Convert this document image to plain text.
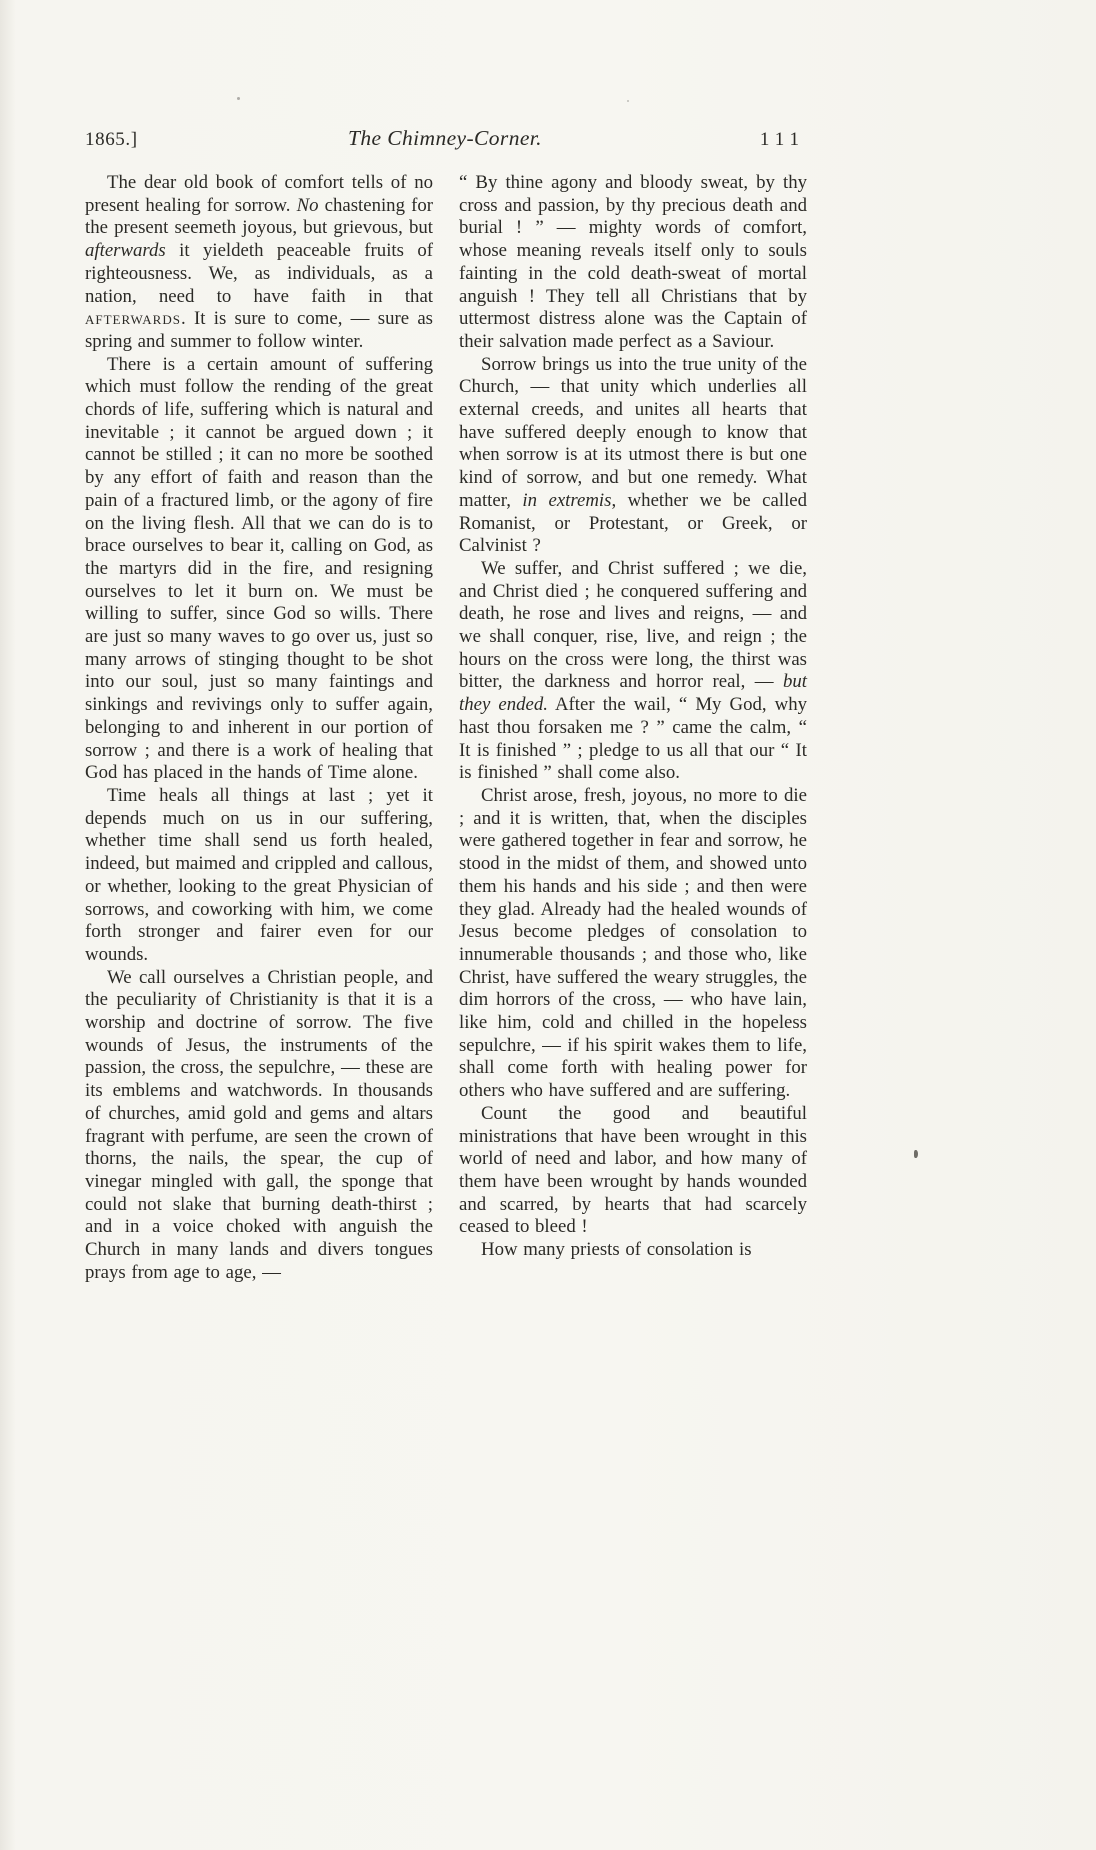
1865.]	The Chimney-Corner.	111

The dear old book of comfort tells of no present healing for sorrow. No chastening for the present seemeth joyous, but grievous, but afterwards it yieldeth peaceable fruits of righteousness. We, as individuals, as a nation, need to have faith in that afterwards. It is sure to come, — sure as spring and summer to follow winter.

There is a certain amount of suffering which must follow the rending of the great chords of life, suffering which is natural and inevitable ; it cannot be argued down ; it cannot be stilled ; it can no more be soothed by any effort of faith and reason than the pain of a fractured limb, or the agony of fire on the living flesh. All that we can do is to brace ourselves to bear it, calling on God, as the martyrs did in the fire, and resigning ourselves to let it burn on. We must be willing to suffer, since God so wills. There are just so many waves to go over us, just so many arrows of stinging thought to be shot into our soul, just so many faintings and sinkings and revivings only to suffer again, belonging to and inherent in our portion of sorrow ; and there is a work of healing that God has placed in the hands of Time alone.

Time heals all things at last ; yet it depends much on us in our suffering, whether time shall send us forth healed, indeed, but maimed and crippled and callous, or whether, looking to the great Physician of sorrows, and coworking with him, we come forth stronger and fairer even for our wounds.

We call ourselves a Christian people, and the peculiarity of Christianity is that it is a worship and doctrine of sorrow. The five wounds of Jesus, the instruments of the passion, the cross, the sepulchre, — these are its emblems and watchwords. In thousands of churches, amid gold and gems and altars fragrant with perfume, are seen the crown of thorns, the nails, the spear, the cup of vinegar mingled with gall, the sponge that could not slake that burning death-thirst ; and in a voice choked with anguish the Church in many lands and divers tongues prays from age to age, —

“ By thine agony and bloody sweat, by thy cross and passion, by thy precious death and burial ! ” — mighty words of comfort, whose meaning reveals itself only to souls fainting in the cold death-sweat of mortal anguish ! They tell all Christians that by uttermost distress alone was the Captain of their salvation made perfect as a Saviour.

Sorrow brings us into the true unity of the Church, — that unity which underlies all external creeds, and unites all hearts that have suffered deeply enough to know that when sorrow is at its utmost there is but one kind of sorrow, and but one remedy. What matter, in extremis, whether we be called Romanist, or Protestant, or Greek, or Calvinist ?

We suffer, and Christ suffered ; we die, and Christ died ; he conquered suffering and death, he rose and lives and reigns, — and we shall conquer, rise, live, and reign ; the hours on the cross were long, the thirst was bitter, the darkness and horror real, — but they ended. After the wail, “ My God, why hast thou forsaken me ? ” came the calm, “ It is finished ” ; pledge to us all that our “ It is finished ” shall come also.

Christ arose, fresh, joyous, no more to die ; and it is written, that, when the disciples were gathered together in fear and sorrow, he stood in the midst of them, and showed unto them his hands and his side ; and then were they glad. Already had the healed wounds of Jesus become pledges of consolation to innumerable thousands ; and those who, like Christ, have suffered the weary struggles, the dim horrors of the cross, — who have lain, like him, cold and chilled in the hopeless sepulchre, — if his spirit wakes them to life, shall come forth with healing power for others who have suffered and are suffering.

Count the good and beautiful ministrations that have been wrought in this world of need and labor, and how many of them have been wrought by hands wounded and scarred, by hearts that had scarcely ceased to bleed !

How many priests of consolation is
